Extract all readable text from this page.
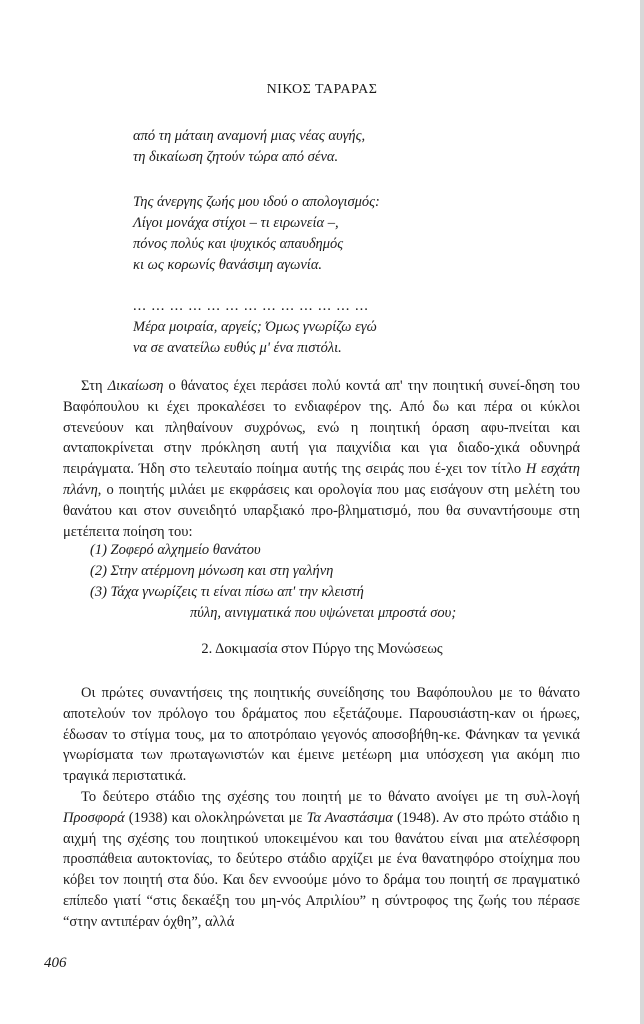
ΝΙΚΟΣ ΤΑΡΑΡΑΣ
από τη μάταιη αναμονή μιας νέας αυγής,
τη δικαίωση ζητούν τώρα από σένα.
Της άνεργης ζωής μου ιδού ο απολογισμός:
Λίγοι μονάχα στίχοι – τι ειρωνεία –,
πόνος πολύς και ψυχικός απαυδημός
κι ως κορωνίς θανάσιμη αγωνία.
... ... ... ... ... ... ... ... ... ... ... ... ...
Μέρα μοιραία, αργείς; Όμως γνωρίζω εγώ
να σε ανατείλω ευθύς μ' ένα πιστόλι.
Στη Δικαίωση ο θάνατος έχει περάσει πολύ κοντά απ' την ποιητική συνεί-δηση του Βαφόπουλου κι έχει προκαλέσει το ενδιαφέρον της. Από δω και πέρα οι κύκλοι στενεύουν και πληθαίνουν συχρόνως, ενώ η ποιητική όραση αφυ-πνείται και ανταποκρίνεται στην πρόκληση αυτή για παιχνίδια και για διαδο-χικά οδυνηρά πειράγματα. Ήδη στο τελευταίο ποίημα αυτής της σειράς που έ-χει τον τίτλο Η εσχάτη πλάνη, ο ποιητής μιλάει με εκφράσεις και ορολογία που μας εισάγουν στη μελέτη του θανάτου και στον συνειδητό υπαρξιακό προ-βληματισμό, που θα συναντήσουμε στη μετέπειτα ποίηση του:
(1) Ζοφερό αλχημείο θανάτου
(2) Στην ατέρμονη μόνωση και στη γαλήνη
(3) Τάχα γνωρίζεις τι είναι πίσω απ' την κλειστή
πύλη, αινιγματικά που υψώνεται μπροστά σου;
2. Δοκιμασία στον Πύργο της Μονώσεως
Οι πρώτες συναντήσεις της ποιητικής συνείδησης του Βαφόπουλου με το θάνατο αποτελούν τον πρόλογο του δράματος που εξετάζουμε. Παρουσιάστη-καν οι ήρωες, έδωσαν το στίγμα τους, μα το αποτρόπαιο γεγονός αποσοβήθη-κε. Φάνηκαν τα γενικά γνωρίσματα των πρωταγωνιστών και έμεινε μετέωρη μια υπόσχεση για ακόμη πιο τραγικά περιστατικά.
Το δεύτερο στάδιο της σχέσης του ποιητή με το θάνατο ανοίγει με τη συλ-λογή Προσφορά (1938) και ολοκληρώνεται με Τα Αναστάσιμα (1948). Αν στο πρώτο στάδιο η αιχμή της σχέσης του ποιητικού υποκειμένου και του θανάτου είναι μια ατελέσφορη προσπάθεια αυτοκτονίας, το δεύτερο στάδιο αρχίζει με ένα θανατηφόρο στοίχημα που κόβει τον ποιητή στα δύο. Και δεν εννοούμε μόνο το δράμα του ποιητή σε πραγματικό επίπεδο γιατί “στις δεκαέξη του μη-νός Απριλίου” η σύντροφος της ζωής του πέρασε “στην αντιπέραν όχθη”, αλλά
406
